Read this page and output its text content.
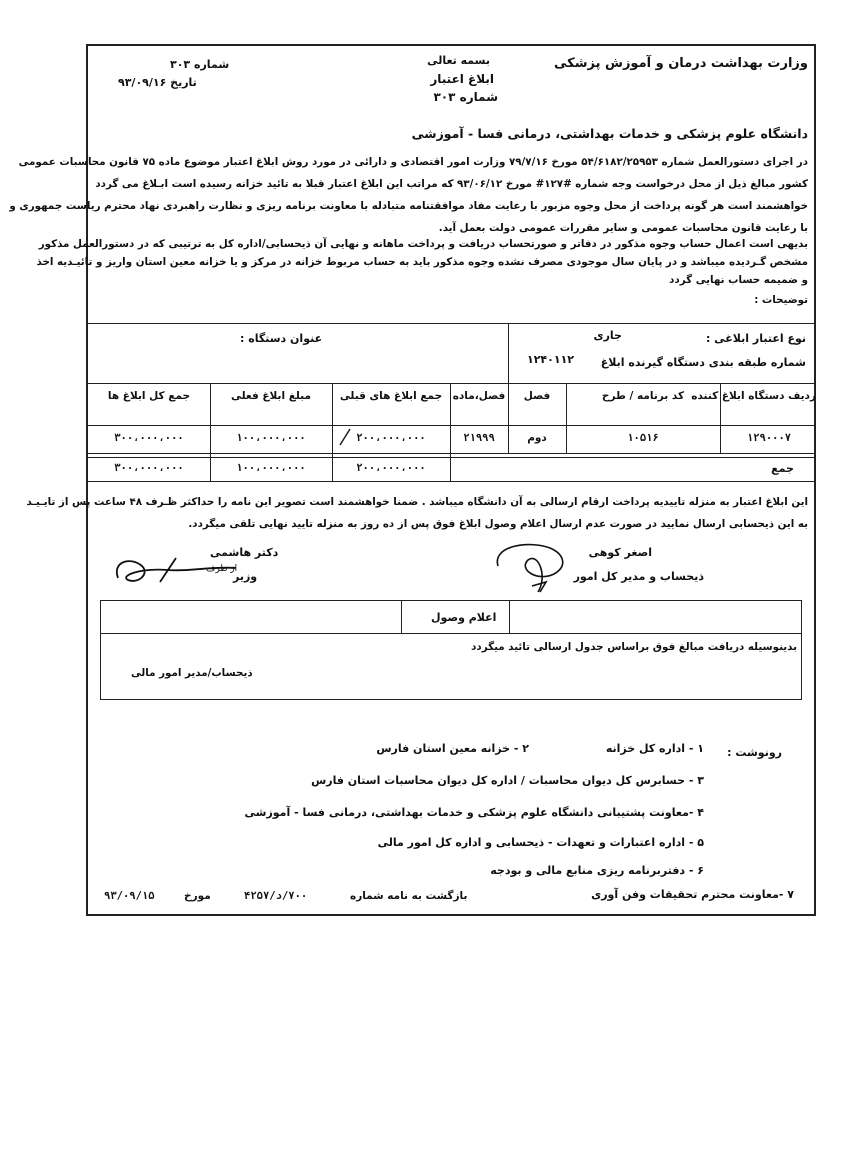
وزارت بهداشت درمان و آموزش پزشکی
بسمه تعالی
ابلاغ اعتبار
شماره ۳۰۳
شماره ۳۰۳
تاریخ ۹۳/۰۹/۱۶
دانشگاه علوم پزشکی و خدمات بهداشتی، درمانی فسا - آموزشی
در اجرای دستورالعمل شماره ۵۴/۶۱۸۲/۲۵۹۵۳ مورخ ۷۹/۷/۱۶ وزارت امور اقتصادی و دارائی در مورد روش ابلاغ اعتبار موضوع ماده ۷۵ قانون محاسبات عمومی
کشور مبالغ ذیل از محل درخواست وجه شماره #۱۲۷# مورخ ۹۳/۰۶/۱۲ که مراتب این ابلاغ اعتبار قبلا به تائید خزانه رسیده است ابـلاغ می گردد
خواهشمند است هر گونه پرداخت از محل وجوه مزبور با رعایت مفاد موافقتنامه متبادله با معاونت برنامه ریزی و نظارت راهبردی نهاد محترم ریاست جمهوری و
با رعایت قانون محاسبات عمومی و سایر مقررات عمومی دولت بعمل آید.
بدیهی است اعمال حساب وجوه مذکور در دفاتر و صورتحساب دریافت و پرداخت ماهانه و نهایی آن ذیحسابی/اداره کل به ترتیبی که در دستورالعمل مذکور
مشخص گـردیده میباشد و در پایان سال موجودی مصرف نشده وجوه مذکور باید به حساب مربوط خزانه در مرکز و یا خزانه معین استان واریز و تائیـدیه اخذ
و ضمیمه حساب نهایی گردد
توضیحات :
نوع اعتبار ابلاغی :
جاری
شماره طبقه بندی دستگاه گیرنده ابلاغ
۱۲۴۰۱۱۲
عنوان دستگاه :
ردیف دستگاه ابلاغ کننده
کد برنامه / طرح
فصل
فصل،ماده
جمع ابلاغ های قبلی
مبلغ ابلاغ فعلی
جمع کل ابلاغ ها
۱۲۹۰۰۰۷
۱۰۵۱۶
دوم
۲۱۹۹۹
۲۰۰،۰۰۰،۰۰۰
۱۰۰،۰۰۰،۰۰۰
۳۰۰،۰۰۰،۰۰۰
جمع
۲۰۰،۰۰۰،۰۰۰
۱۰۰،۰۰۰،۰۰۰
۳۰۰،۰۰۰،۰۰۰
این ابلاغ اعتبار به منزله تاییدیه پرداخت ارقام ارسالی به آن دانشگاه میباشد . ضمنا خواهشمند است تصویر این نامه را حداکثر ظـرف ۴۸ ساعت پس از تایـیـد
به این ذیحسابی ارسال نمایید در صورت عدم ارسال اعلام وصول ابلاغ فوق پس از ده روز به منزله تایید نهایی تلقی میگردد.
اصغر کوهی
ذیحساب و مدیر کل امور
دکتر هاشمی
وزیر
از طرف
اعلام وصول
بدینوسیله دریافت مبالغ فوق براساس جدول ارسالی تائید میگردد
ذیحساب/مدیر امور مالی
رونوشت :
۱ - اداره کل خزانه
۲ - خزانه معین استان فارس
۳ - حسابرس کل دیوان محاسبات / اداره کل دیوان محاسبات استان فارس
۴ -معاونت پشتیبانی دانشگاه علوم پزشکی و خدمات بهداشتی، درمانی فسا - آموزشی
۵ - اداره اعتبارات و تعهدات - ذیحسابی و اداره کل امور مالی
۶ - دفتربرنامه ریزی منابع مالی و بودجه
۷ -معاونت محترم تحقیقات وفن آوری
بازگشت به نامه شماره
۷۰۰/د/۴۲۵۷
مورخ
۹۳/۰۹/۱۵
